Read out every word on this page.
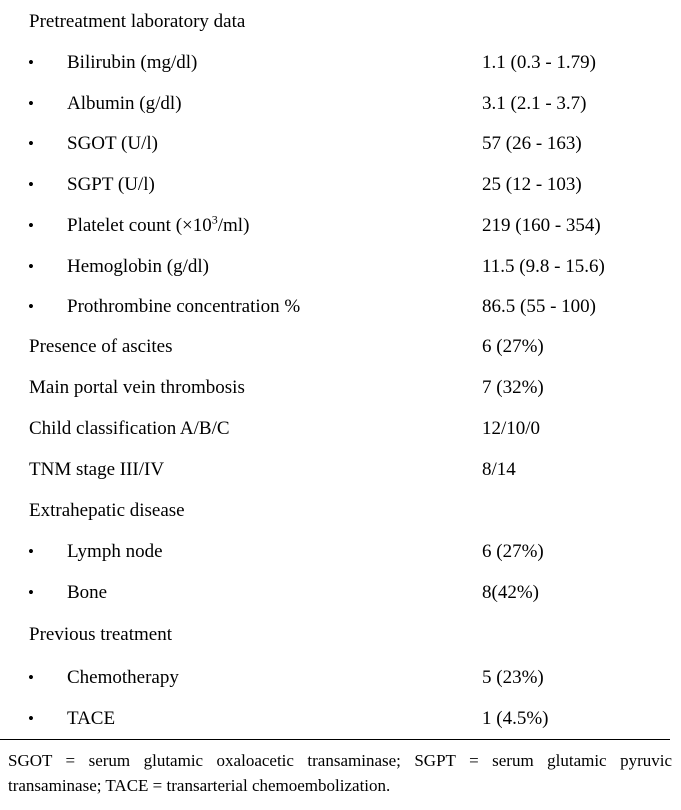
Pretreatment laboratory data
• Bilirubin (mg/dl)	1.1 (0.3 - 1.79)
• Albumin (g/dl)	3.1 (2.1 - 3.7)
• SGOT (U/l)	57 (26 - 163)
• SGPT (U/l)	25 (12 - 103)
• Platelet count $(\times 10^3/ml)$	219 (160 - 354)
• Hemoglobin (g/dl)	11.5 (9.8 - 15.6)
• Prothrombine concentration %	86.5 (55 - 100)
Presence of ascites	6 (27%)
Main portal vein thrombosis	7 (32%)
Child classification A/B/C	12/10/0
TNM stage III/IV	8/14
Extrahepatic disease
• Lymph node	6 (27%)
• Bone	8(42%)
Previous treatment
• Chemotherapy	5 (23%)
• TACE	1 (4.5%)
SGOT = serum glutamic oxaloacetic transaminase; SGPT = serum glutamic pyruvic transaminase; TACE = transarterial chemoembolization.
